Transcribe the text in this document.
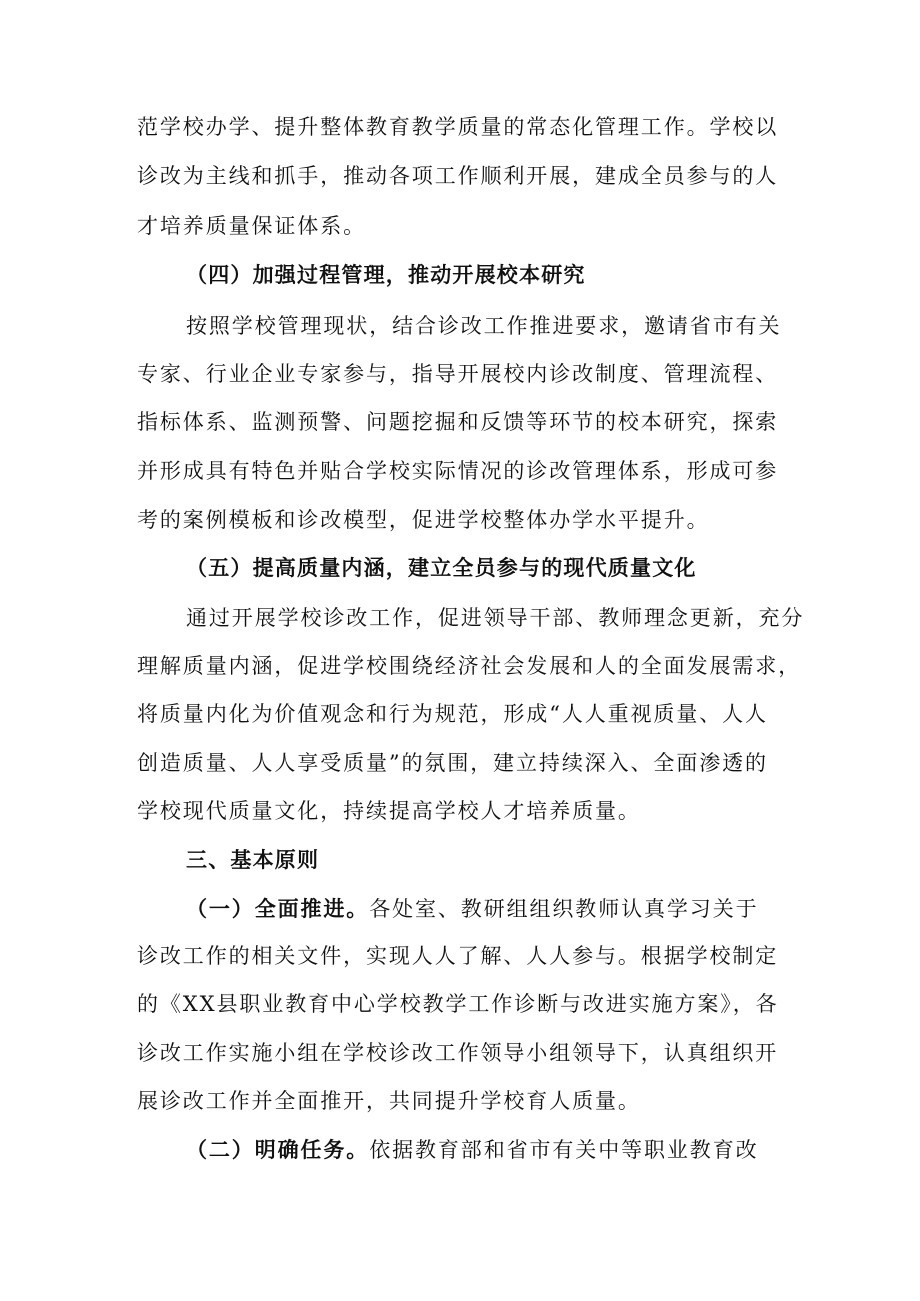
范学校办学、提升整体教育教学质量的常态化管理工作。学校以
诊改为主线和抓手，推动各项工作顺利开展，建成全员参与的人
才培养质量保证体系。
（四）加强过程管理，推动开展校本研究
按照学校管理现状，结合诊改工作推进要求，邀请省市有关
专家、行业企业专家参与，指导开展校内诊改制度、管理流程、
指标体系、监测预警、问题挖掘和反馈等环节的校本研究，探索
并形成具有特色并贴合学校实际情况的诊改管理体系，形成可参
考的案例模板和诊改模型，促进学校整体办学水平提升。
（五）提高质量内涵，建立全员参与的现代质量文化
通过开展学校诊改工作，促进领导干部、教师理念更新，充分
理解质量内涵，促进学校围绕经济社会发展和人的全面发展需求，
将质量内化为价值观念和行为规范，形成“人人重视质量、人人
创造质量、人人享受质量”的氛围，建立持续深入、全面渗透的
学校现代质量文化，持续提高学校人才培养质量。
三、基本原则
（一）全面推进。各处室、教研组组织教师认真学习关于
诊改工作的相关文件，实现人人了解、人人参与。根据学校制定
的《XX县职业教育中心学校教学工作诊断与改进实施方案》，各
诊改工作实施小组在学校诊改工作领导小组领导下，认真组织开
展诊改工作并全面推开，共同提升学校育人质量。
（二）明确任务。依据教育部和省市有关中等职业教育改
